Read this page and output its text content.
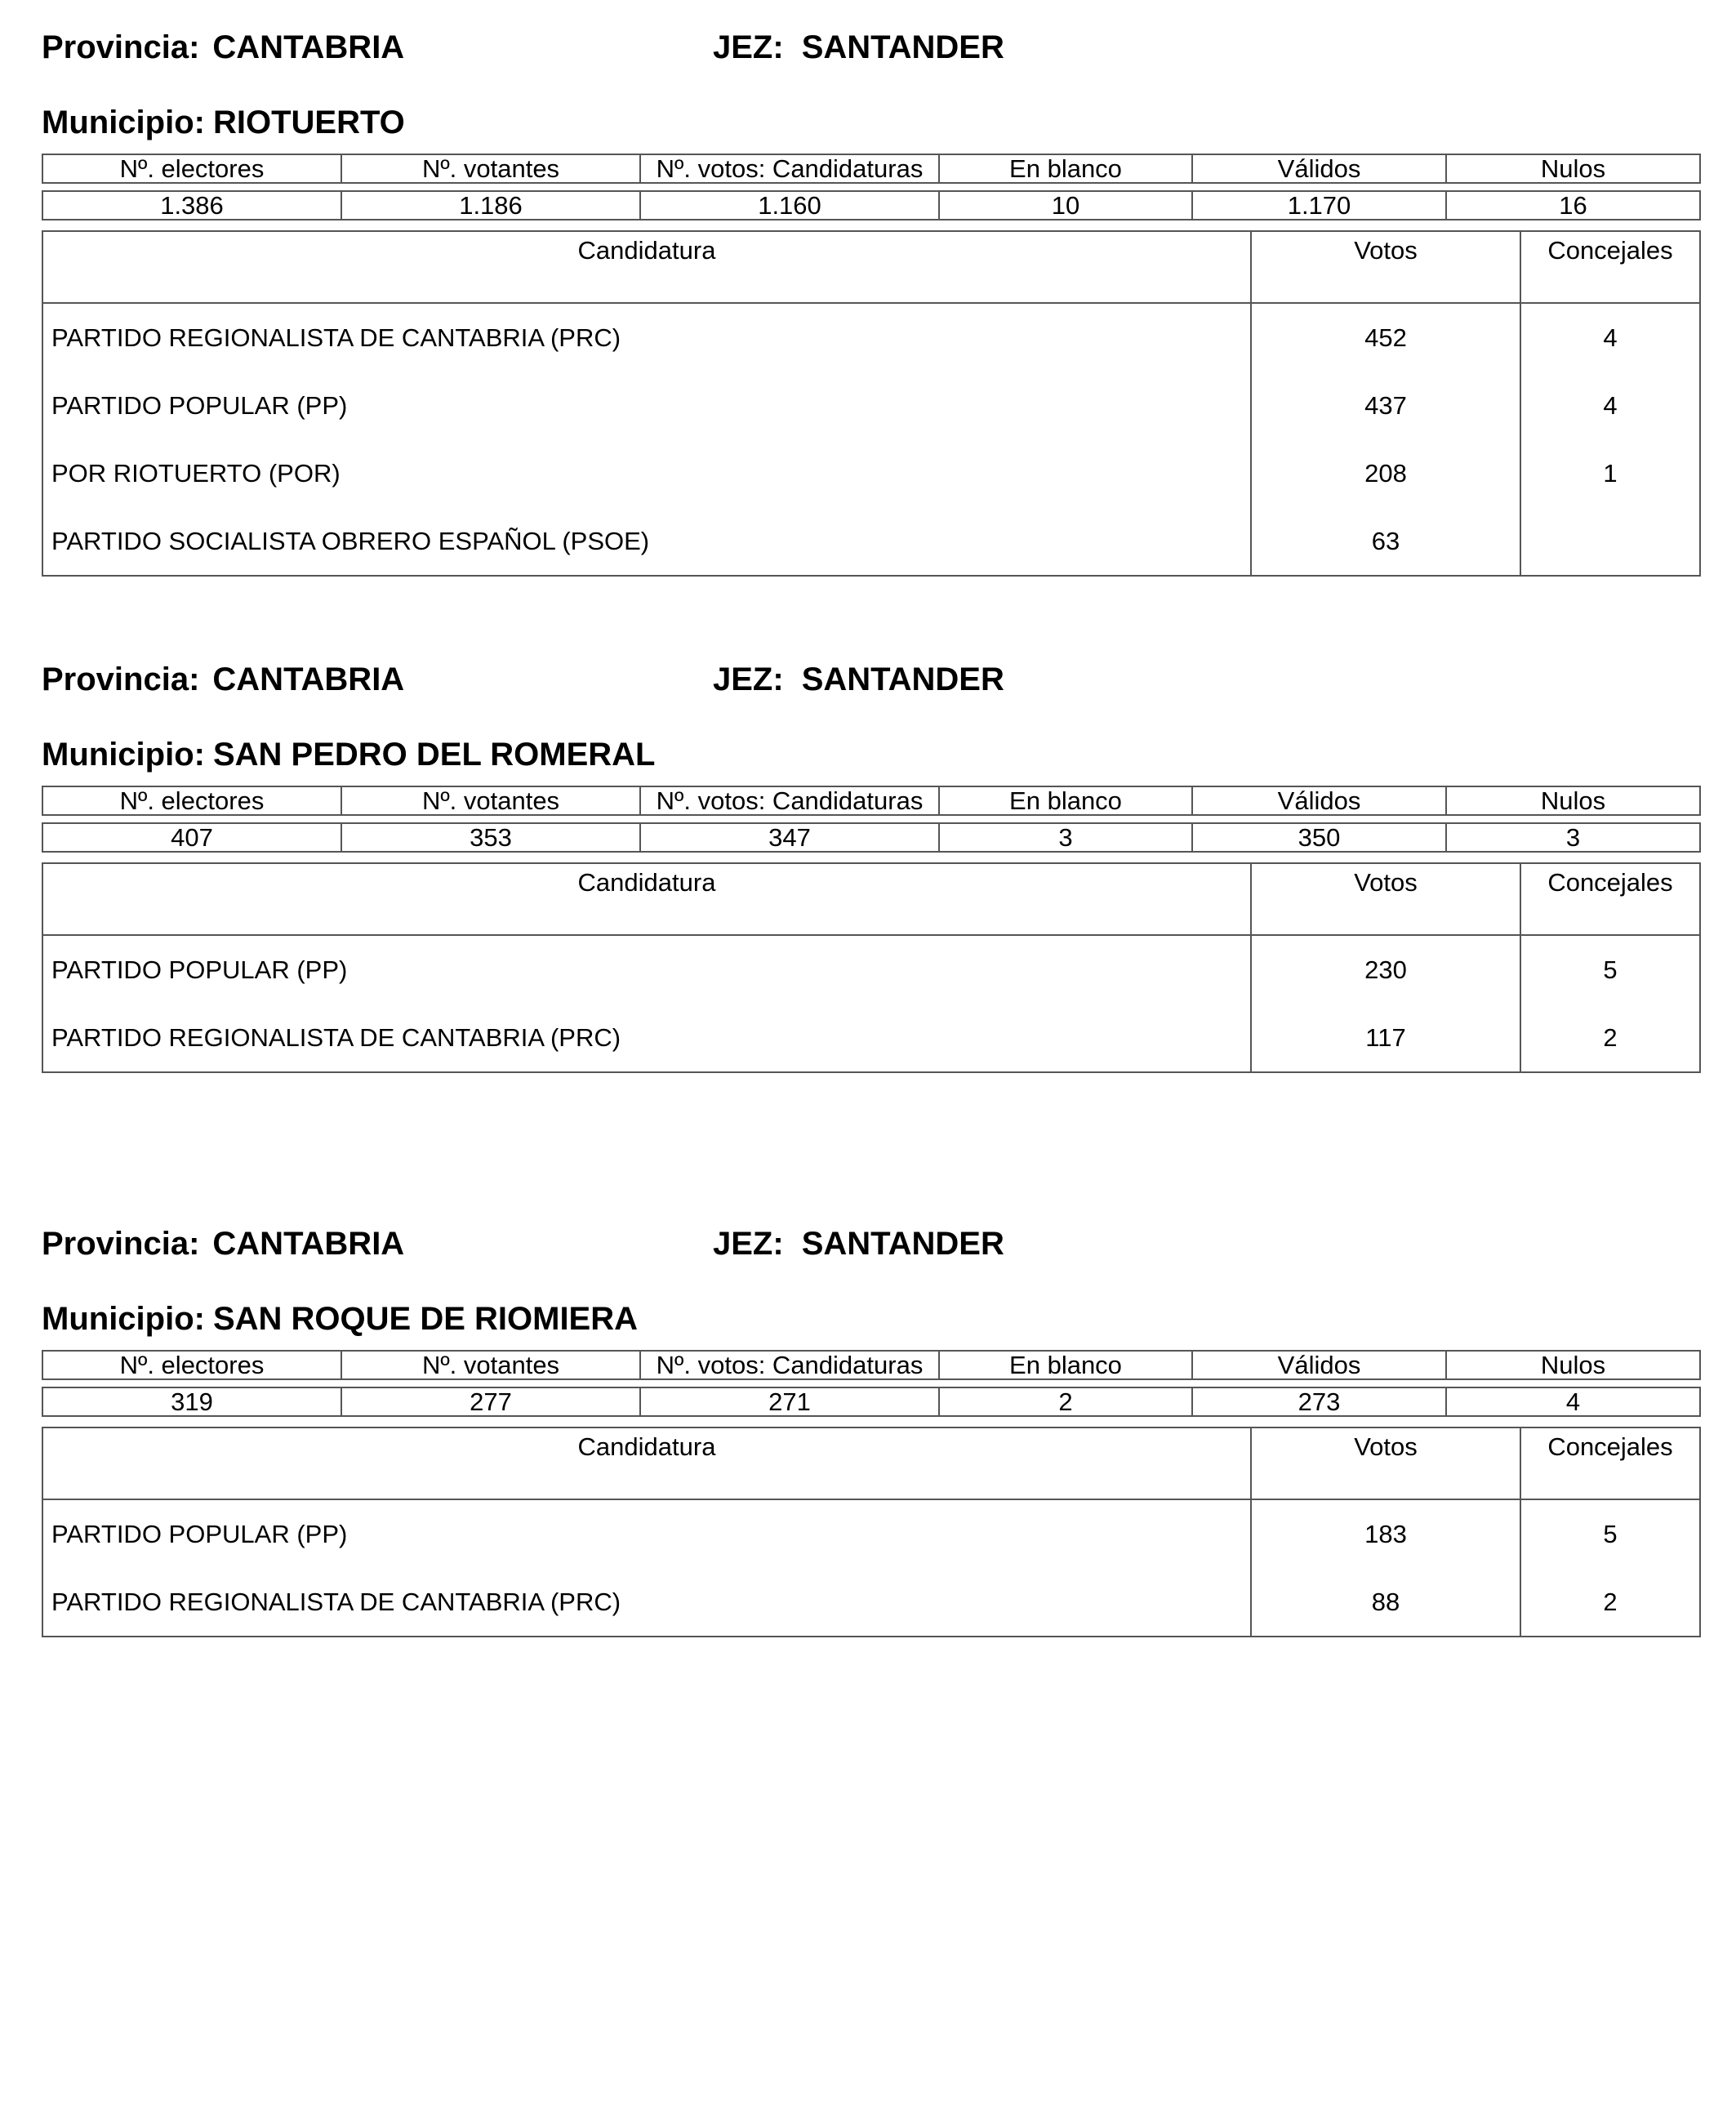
Provincia: CANTABRIA	JEZ: SANTANDER
Municipio: RIOTUERTO
Nº. electores	Nº. votantes	Nº. votos: Candidaturas	En blanco	Válidos	Nulos

1.386	1.186	1.160	10	1.170	16
Candidatura	Votos	Concejales
PARTIDO REGIONALISTA DE CANTABRIA (PRC)	452	4
PARTIDO POPULAR (PP)	437	4
POR RIOTUERTO (POR)	208	1
PARTIDO SOCIALISTA OBRERO ESPAÑOL (PSOE)	63	
Provincia: CANTABRIA	JEZ: SANTANDER
Municipio: SAN PEDRO DEL ROMERAL
Nº. electores	Nº. votantes	Nº. votos: Candidaturas	En blanco	Válidos	Nulos

407	353	347	3	350	3
Candidatura	Votos	Concejales
PARTIDO POPULAR (PP)	230	5
PARTIDO REGIONALISTA DE CANTABRIA (PRC)	117	2
Provincia: CANTABRIA	JEZ: SANTANDER
Municipio: SAN ROQUE DE RIOMIERA
Nº. electores	Nº. votantes	Nº. votos: Candidaturas	En blanco	Válidos	Nulos

319	277	271	2	273	4
Candidatura	Votos	Concejales
PARTIDO POPULAR (PP)	183	5
PARTIDO REGIONALISTA DE CANTABRIA (PRC)	88	2
